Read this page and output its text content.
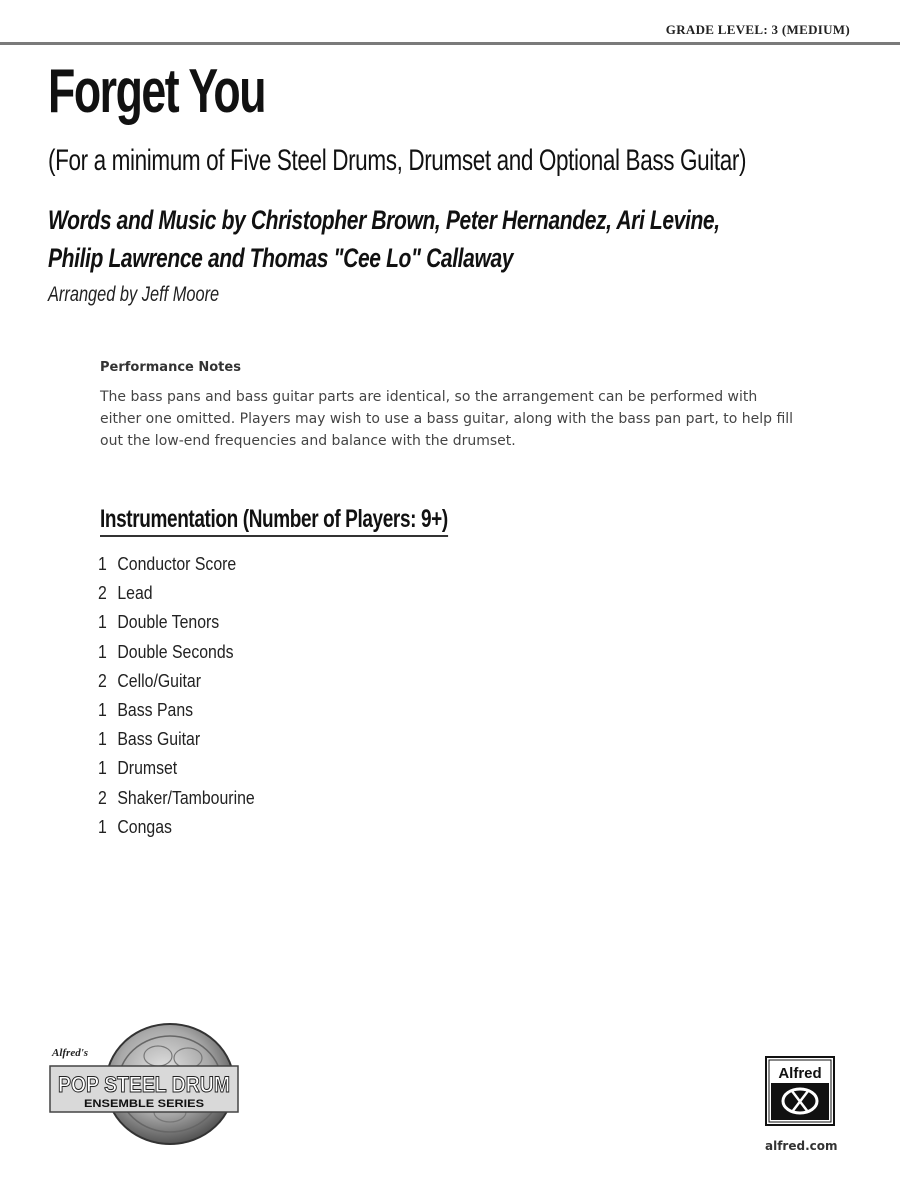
GRADE LEVEL: 3 (MEDIUM)
Forget You
(For a minimum of Five Steel Drums, Drumset and Optional Bass Guitar)
Words and Music by Christopher Brown, Peter Hernandez, Ari Levine,
Philip Lawrence and Thomas "Cee Lo" Callaway
Arranged by Jeff Moore
Performance Notes
The bass pans and bass guitar parts are identical, so the arrangement can be performed with either one omitted. Players may wish to use a bass guitar, along with the bass pan part, to help fill out the low-end frequencies and balance with the drumset.
Instrumentation (Number of Players: 9+)
1 Conductor Score
2 Lead
1 Double Tenors
1 Double Seconds
2 Cello/Guitar
1 Bass Pans
1 Bass Guitar
1 Drumset
2 Shaker/Tambourine
1 Congas
Alfred's
POP STEEL DRUM
ENSEMBLE SERIES
Alfred
alfred.com
